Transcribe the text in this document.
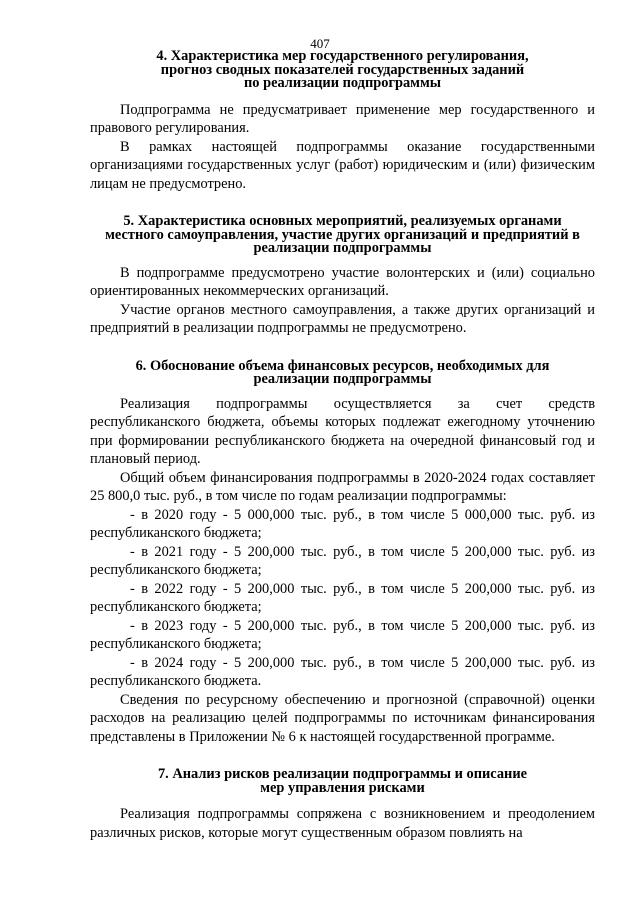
407
4. Характеристика мер государственного регулирования,
прогноз сводных показателей государственных заданий
по реализации подпрограммы

Подпрограмма не предусматривает применение мер государственного и правового регулирования.

В рамках настоящей подпрограммы оказание государственными организациями государственных услуг (работ) юридическим и (или) физическим лицам не предусмотрено.

5. Характеристика основных мероприятий, реализуемых органами
местного самоуправления, участие других организаций и предприятий в
реализации подпрограммы

В подпрограмме предусмотрено участие волонтерских и (или) социально ориентированных некоммерческих организаций.

Участие органов местного самоуправления, а также других организаций и предприятий в реализации подпрограммы не предусмотрено.

6. Обоснование объема финансовых ресурсов, необходимых для
реализации подпрограммы

Реализация подпрограммы осуществляется за счет средств республиканского бюджета, объемы которых подлежат ежегодному уточнению при формировании республиканского бюджета на очередной финансовый год и плановый период.

Общий объем финансирования подпрограммы в 2020-2024 годах составляет 25 800,0 тыс. руб., в том числе по годам реализации подпрограммы:

- в 2020 году - 5 000,000 тыс. руб., в том числе 5 000,000 тыс. руб. из республиканского бюджета;

- в 2021 году - 5 200,000 тыс. руб., в том числе 5 200,000 тыс. руб. из республиканского бюджета;

- в 2022 году - 5 200,000 тыс. руб., в том числе 5 200,000 тыс. руб. из республиканского бюджета;

- в 2023 году - 5 200,000 тыс. руб., в том числе 5 200,000 тыс. руб. из республиканского бюджета;

- в 2024 году - 5 200,000 тыс. руб., в том числе 5 200,000 тыс. руб. из республиканского бюджета.

Сведения по ресурсному обеспечению и прогнозной (справочной) оценки расходов на реализацию целей подпрограммы по источникам финансирования представлены в Приложении № 6 к настоящей государственной программе.

7. Анализ рисков реализации подпрограммы и описание
мер управления рисками

Реализация подпрограммы сопряжена с возникновением и преодолением различных рисков, которые могут существенным образом повлиять на
